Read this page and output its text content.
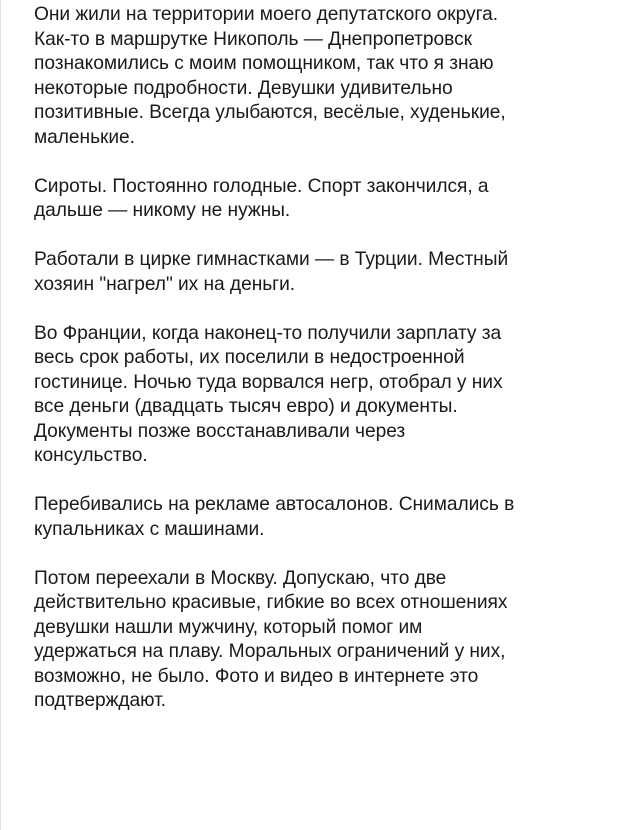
Они жили на территории моего депутатского округа.
Как-то в маршрутке Никополь — Днепропетровск
познакомились с моим помощником, так что я знаю
некоторые подробности. Девушки удивительно
позитивные. Всегда улыбаются, весёлые, худенькие,
маленькие.

Сироты. Постоянно голодные. Спорт закончился, а
дальше — никому не нужны.

Работали в цирке гимнастками — в Турции. Местный
хозяин "нагрел" их на деньги.

Во Франции, когда наконец-то получили зарплату за
весь срок работы, их поселили в недостроенной
гостинице. Ночью туда ворвался негр, отобрал у них
все деньги (двадцать тысяч евро) и документы.
Документы позже восстанавливали через
консульство.

Перебивались на рекламе автосалонов. Снимались в
купальниках с машинами.

Потом переехали в Москву. Допускаю, что две
действительно красивые, гибкие во всех отношениях
девушки нашли мужчину, который помог им
удержаться на плаву. Моральных ограничений у них,
возможно, не было. Фото и видео в интернете это
подтверждают.
